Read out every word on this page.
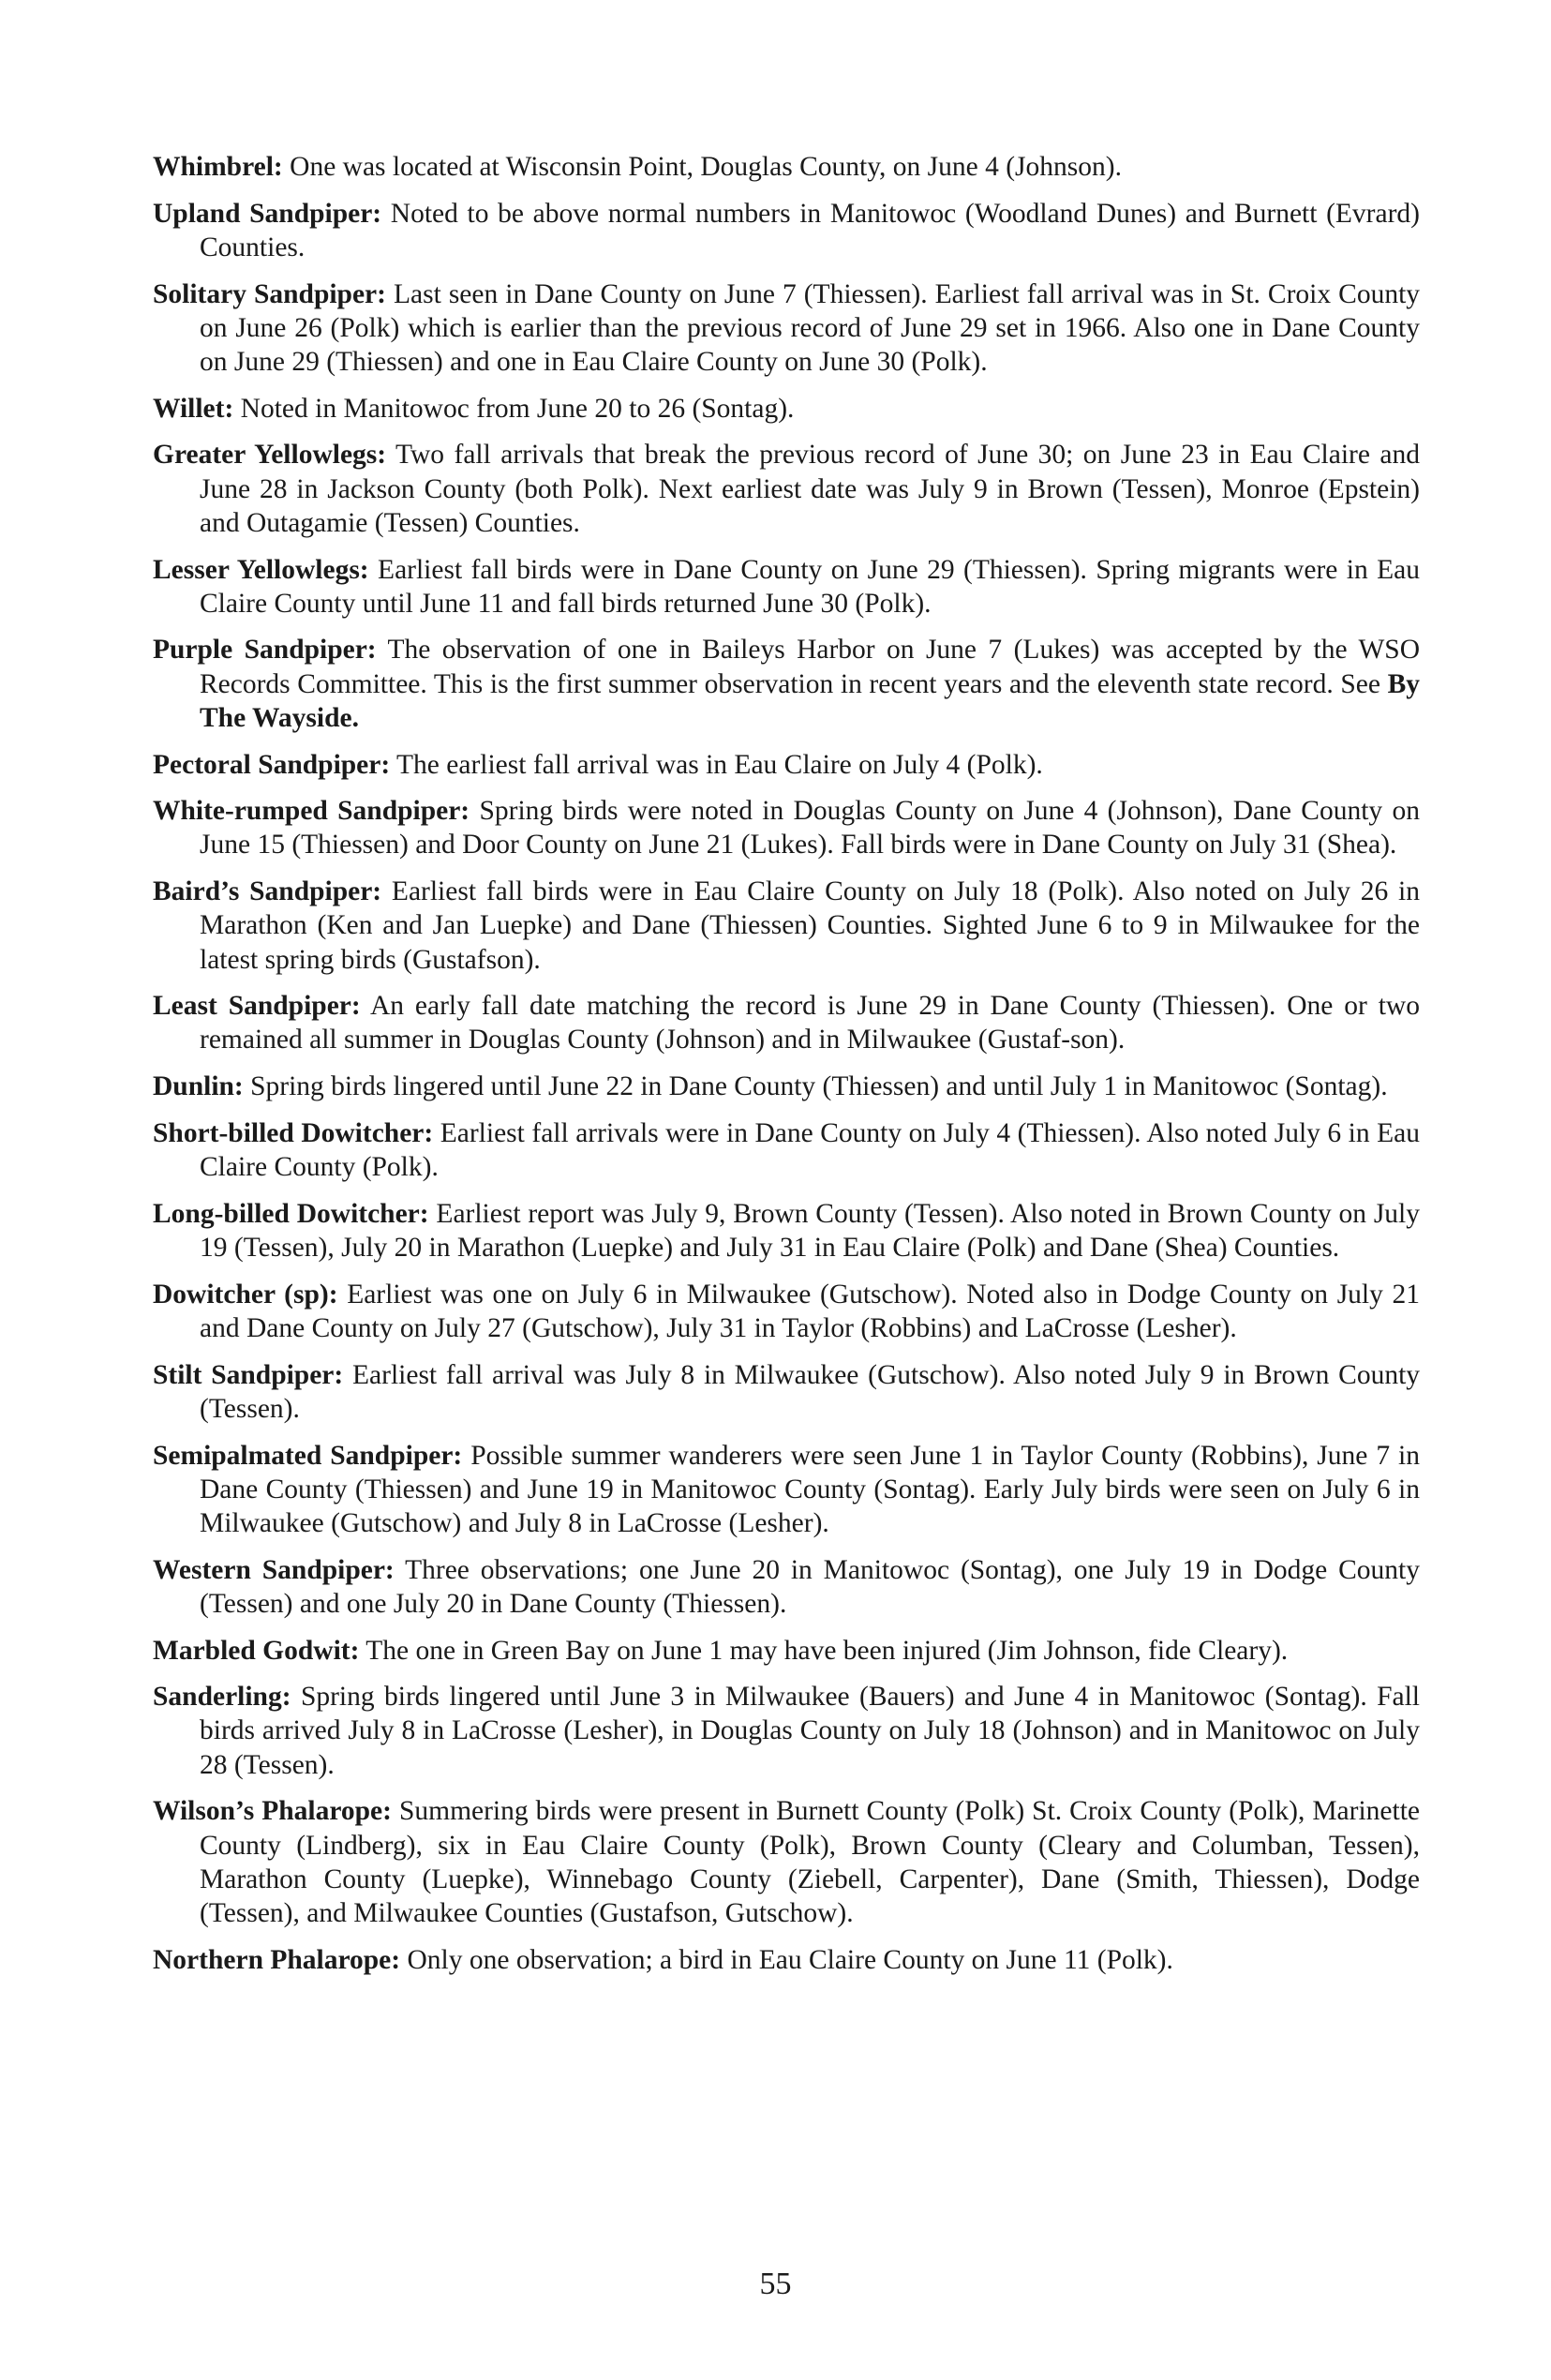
Whimbrel: One was located at Wisconsin Point, Douglas County, on June 4 (Johnson).

Upland Sandpiper: Noted to be above normal numbers in Manitowoc (Woodland Dunes) and Burnett (Evrard) Counties.

Solitary Sandpiper: Last seen in Dane County on June 7 (Thiessen). Earliest fall arrival was in St. Croix County on June 26 (Polk) which is earlier than the previous record of June 29 set in 1966. Also one in Dane County on June 29 (Thiessen) and one in Eau Claire County on June 30 (Polk).

Willet: Noted in Manitowoc from June 20 to 26 (Sontag).

Greater Yellowlegs: Two fall arrivals that break the previous record of June 30; on June 23 in Eau Claire and June 28 in Jackson County (both Polk). Next earliest date was July 9 in Brown (Tessen), Monroe (Epstein) and Outagamie (Tessen) Counties.

Lesser Yellowlegs: Earliest fall birds were in Dane County on June 29 (Thiessen). Spring migrants were in Eau Claire County until June 11 and fall birds returned June 30 (Polk).

Purple Sandpiper: The observation of one in Baileys Harbor on June 7 (Lukes) was accepted by the WSO Records Committee. This is the first summer observation in recent years and the eleventh state record. See By The Wayside.

Pectoral Sandpiper: The earliest fall arrival was in Eau Claire on July 4 (Polk).

White-rumped Sandpiper: Spring birds were noted in Douglas County on June 4 (Johnson), Dane County on June 15 (Thiessen) and Door County on June 21 (Lukes). Fall birds were in Dane County on July 31 (Shea).

Baird’s Sandpiper: Earliest fall birds were in Eau Claire County on July 18 (Polk). Also noted on July 26 in Marathon (Ken and Jan Luepke) and Dane (Thiessen) Counties. Sighted June 6 to 9 in Milwaukee for the latest spring birds (Gustafson).

Least Sandpiper: An early fall date matching the record is June 29 in Dane County (Thiessen). One or two remained all summer in Douglas County (Johnson) and in Milwaukee (Gustaf-son).

Dunlin: Spring birds lingered until June 22 in Dane County (Thiessen) and until July 1 in Manitowoc (Sontag).

Short-billed Dowitcher: Earliest fall arrivals were in Dane County on July 4 (Thiessen). Also noted July 6 in Eau Claire County (Polk).

Long-billed Dowitcher: Earliest report was July 9, Brown County (Tessen). Also noted in Brown County on July 19 (Tessen), July 20 in Marathon (Luepke) and July 31 in Eau Claire (Polk) and Dane (Shea) Counties.

Dowitcher (sp): Earliest was one on July 6 in Milwaukee (Gutschow). Noted also in Dodge County on July 21 and Dane County on July 27 (Gutschow), July 31 in Taylor (Robbins) and LaCrosse (Lesher).

Stilt Sandpiper: Earliest fall arrival was July 8 in Milwaukee (Gutschow). Also noted July 9 in Brown County (Tessen).

Semipalmated Sandpiper: Possible summer wanderers were seen June 1 in Taylor County (Robbins), June 7 in Dane County (Thiessen) and June 19 in Manitowoc County (Sontag). Early July birds were seen on July 6 in Milwaukee (Gutschow) and July 8 in LaCrosse (Lesher).

Western Sandpiper: Three observations; one June 20 in Manitowoc (Sontag), one July 19 in Dodge County (Tessen) and one July 20 in Dane County (Thiessen).

Marbled Godwit: The one in Green Bay on June 1 may have been injured (Jim Johnson, fide Cleary).

Sanderling: Spring birds lingered until June 3 in Milwaukee (Bauers) and June 4 in Manitowoc (Sontag). Fall birds arrived July 8 in LaCrosse (Lesher), in Douglas County on July 18 (Johnson) and in Manitowoc on July 28 (Tessen).

Wilson’s Phalarope: Summering birds were present in Burnett County (Polk) St. Croix County (Polk), Marinette County (Lindberg), six in Eau Claire County (Polk), Brown County (Cleary and Columban, Tessen), Marathon County (Luepke), Winnebago County (Ziebell, Carpenter), Dane (Smith, Thiessen), Dodge (Tessen), and Milwaukee Counties (Gustafson, Gutschow).

Northern Phalarope: Only one observation; a bird in Eau Claire County on June 11 (Polk).

55
